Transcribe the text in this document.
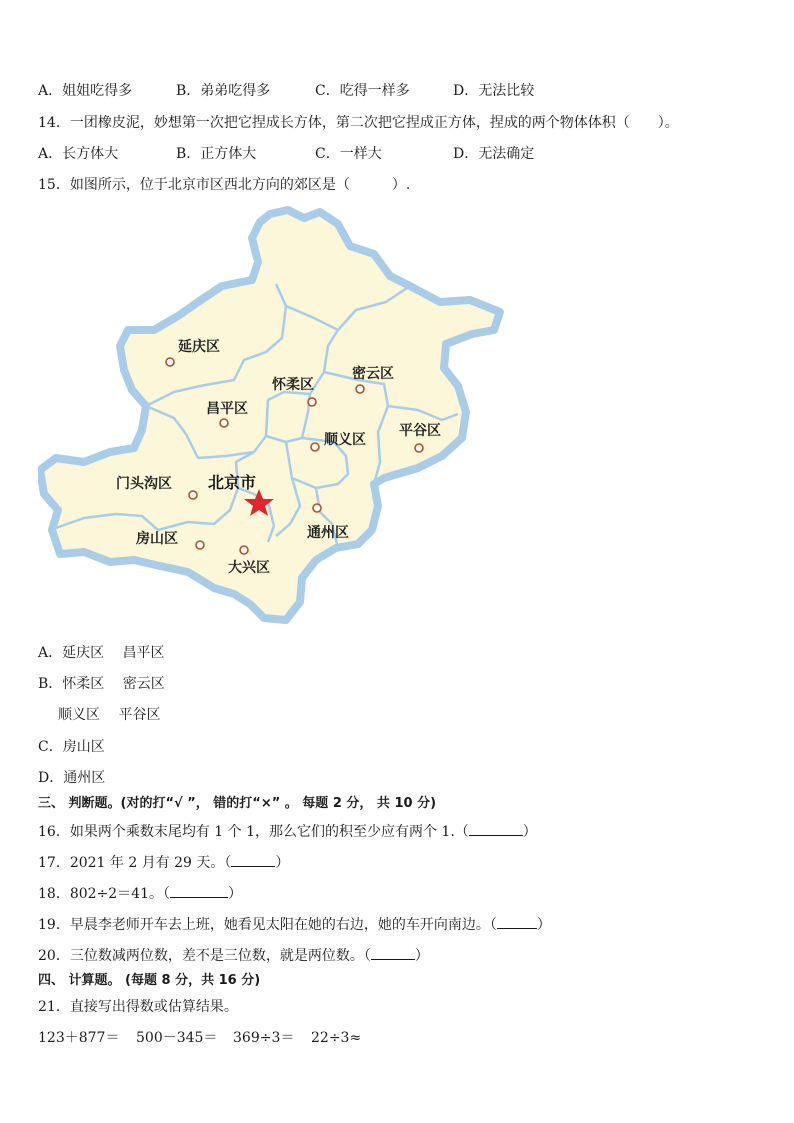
A．姐姐吃得多	B．弟弟吃得多	C．吃得一样多	D．无法比较
14．一团橡皮泥，妙想第一次把它捏成长方体，第二次把它捏成正方体，捏成的两个物体体积（　　）。
A．长方体大	B．正方体大	C．一样大	D．无法确定
15．如图所示，位于北京市区西北方向的郊区是（　　　）.
北京市
延庆区
怀柔区
密云区
昌平区
顺义区
平谷区
门头沟区
房山区
大兴区
通州区
A．延庆区　 昌平区
B．怀柔区　 密云区
顺义区　 平谷区
C．房山区
D．通州区
三、 判断题。(对的打“√ ”， 错的打“×” 。 每题 2 分， 共 10 分)
16．如果两个乘数末尾均有 1 个 1，那么它们的积至少应有两个 1.（	）
17．2021 年 2 月有 29 天。（	）
18．802÷2＝41。（	）
19．早晨李老师开车去上班，她看见太阳在她的右边，她的车开向南边。（	）
20．三位数减两位数，差不是三位数，就是两位数。（	）
四、 计算题。 (每题 8 分，共 16 分)
21．直接写出得数或估算结果。
123＋877＝ 500－345＝ 369÷3＝ 22÷3≈
